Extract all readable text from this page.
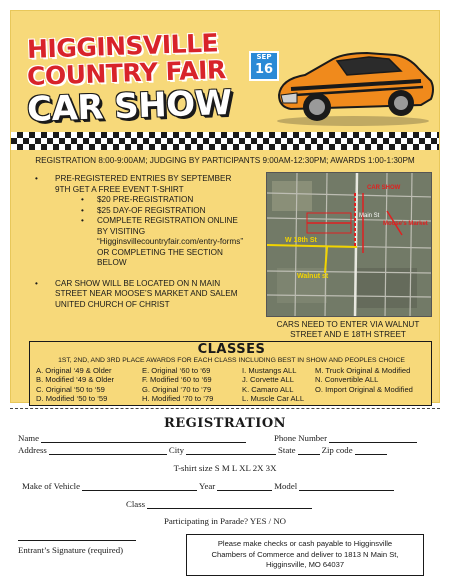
HIGGINSVILLE
COUNTRY FAIR
CAR SHOW
SEP
16
REGISTRATION 8:00-9:00AM; JUDGING BY PARTICIPANTS 9:00AM-12:30PM; AWARDS 1:00-1:30PM
• PRE-REGISTERED ENTRIES BY SEPTEMBER
9TH GET A FREE EVENT T-SHIRT
• $20 PRE-REGISTRATION
• $25 DAY-OF REGISTRATION
• COMPLETE REGISTRATION ONLINE
BY VISITING
“Higginsvillecountryfair.com/entry-forms”
OR COMPLETING THE SECTION
BELOW
• CAR SHOW WILL BE LOCATED ON N MAIN
STREET NEAR MOOSE’S MARKET AND SALEM
UNITED CHURCH OF CHRIST
W 18th St
Walnut st
Main St
CAR SHOW
Moose's Market
CARS NEED TO ENTER VIA WALNUT
STREET AND E 18TH STREET
CLASSES
1ST, 2ND, AND 3RD PLACE AWARDS FOR EACH CLASS INCLUDING BEST IN SHOW AND PEOPLES CHOICE
A. Original ‘49 & Older
B. Modified ‘49 & Older
C. Original ‘50 to ‘59
D. Modified ‘50 to ‘59
E. Original ‘60 to ‘69
F. Modified ‘60 to ‘69
G. Original ‘70 to ‘79
H. Modified ‘70 to ‘79
I. Mustangs ALL
J. Corvette ALL
K. Camaro ALL
L. Muscle Car ALL
M. Truck Original & Modified
N. Convertible ALL
O. Import Original & Modified
REGISTRATION
Name	Phone Number
Address	City	State	Zip code
T-shirt size S M L XL 2X 3X
Make of Vehicle	Year	Model
Class
Participating in Parade? YES / NO
Entrant’s Signature (required)
Please make checks or cash payable to Higginsville
Chambers of Commerce and deliver to 1813 N Main St,
Higginsville, MO 64037
